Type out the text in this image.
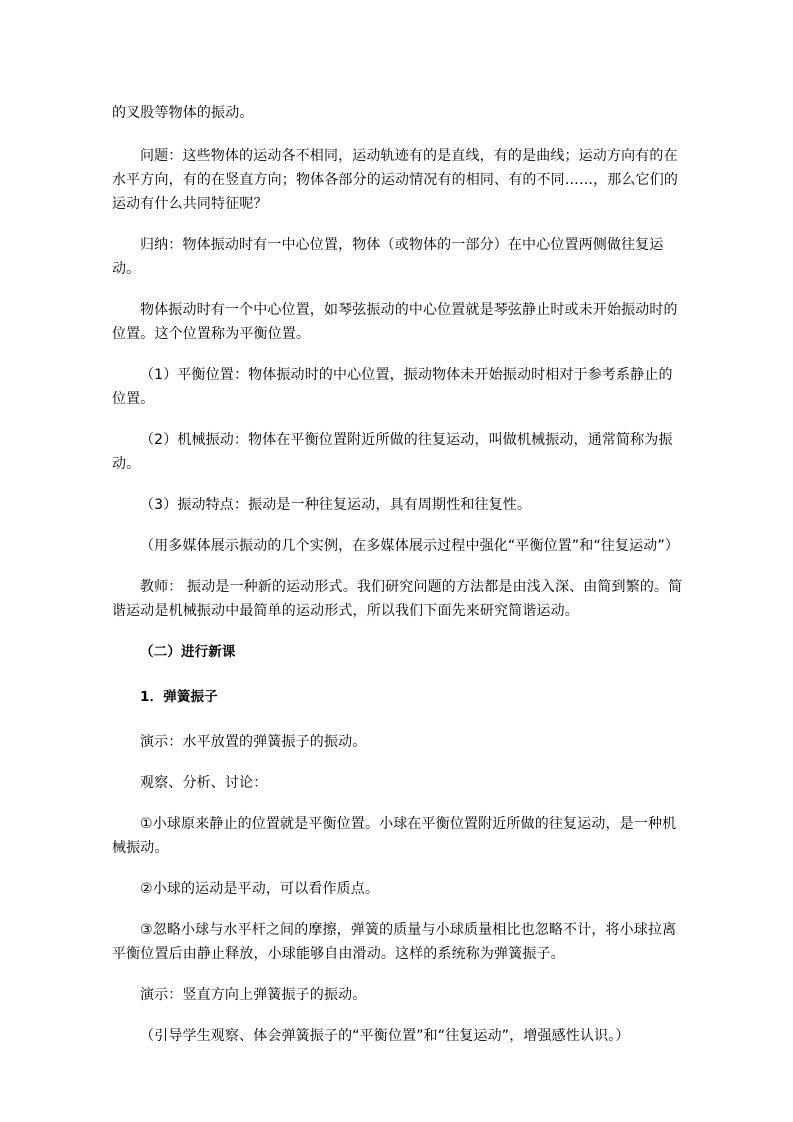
的叉股等物体的振动。

问题：这些物体的运动各不相同，运动轨迹有的是直线，有的是曲线；运动方向有的在水平方向，有的在竖直方向；物体各部分的运动情况有的相同、有的不同……，那么它们的运动有什么共同特征呢？

归纳：物体振动时有一中心位置，物体（或物体的一部分）在中心位置两侧做往复运动。

物体振动时有一个中心位置，如琴弦振动的中心位置就是琴弦静止时或未开始振动时的位置。这个位置称为平衡位置。

（1）平衡位置：物体振动时的中心位置，振动物体未开始振动时相对于参考系静止的位置。

（2）机械振动：物体在平衡位置附近所做的往复运动，叫做机械振动，通常简称为振动。

（3）振动特点：振动是一种往复运动，具有周期性和往复性。

（用多媒体展示振动的几个实例，在多媒体展示过程中强化“平衡位置”和“往复运动”）

教师： 振动是一种新的运动形式。我们研究问题的方法都是由浅入深、由简到繁的。简谐运动是机械振动中最简单的运动形式，所以我们下面先来研究简谐运动。

（二）进行新课

1．弹簧振子

演示：水平放置的弹簧振子的振动。

观察、分析、讨论：

①小球原来静止的位置就是平衡位置。小球在平衡位置附近所做的往复运动，是一种机械振动。

②小球的运动是平动，可以看作质点。

③忽略小球与水平杆之间的摩擦，弹簧的质量与小球质量相比也忽略不计，将小球拉离平衡位置后由静止释放，小球能够自由滑动。这样的系统称为弹簧振子。

演示：竖直方向上弹簧振子的振动。

（引导学生观察、体会弹簧振子的“平衡位置”和“往复运动”，增强感性认识。）
